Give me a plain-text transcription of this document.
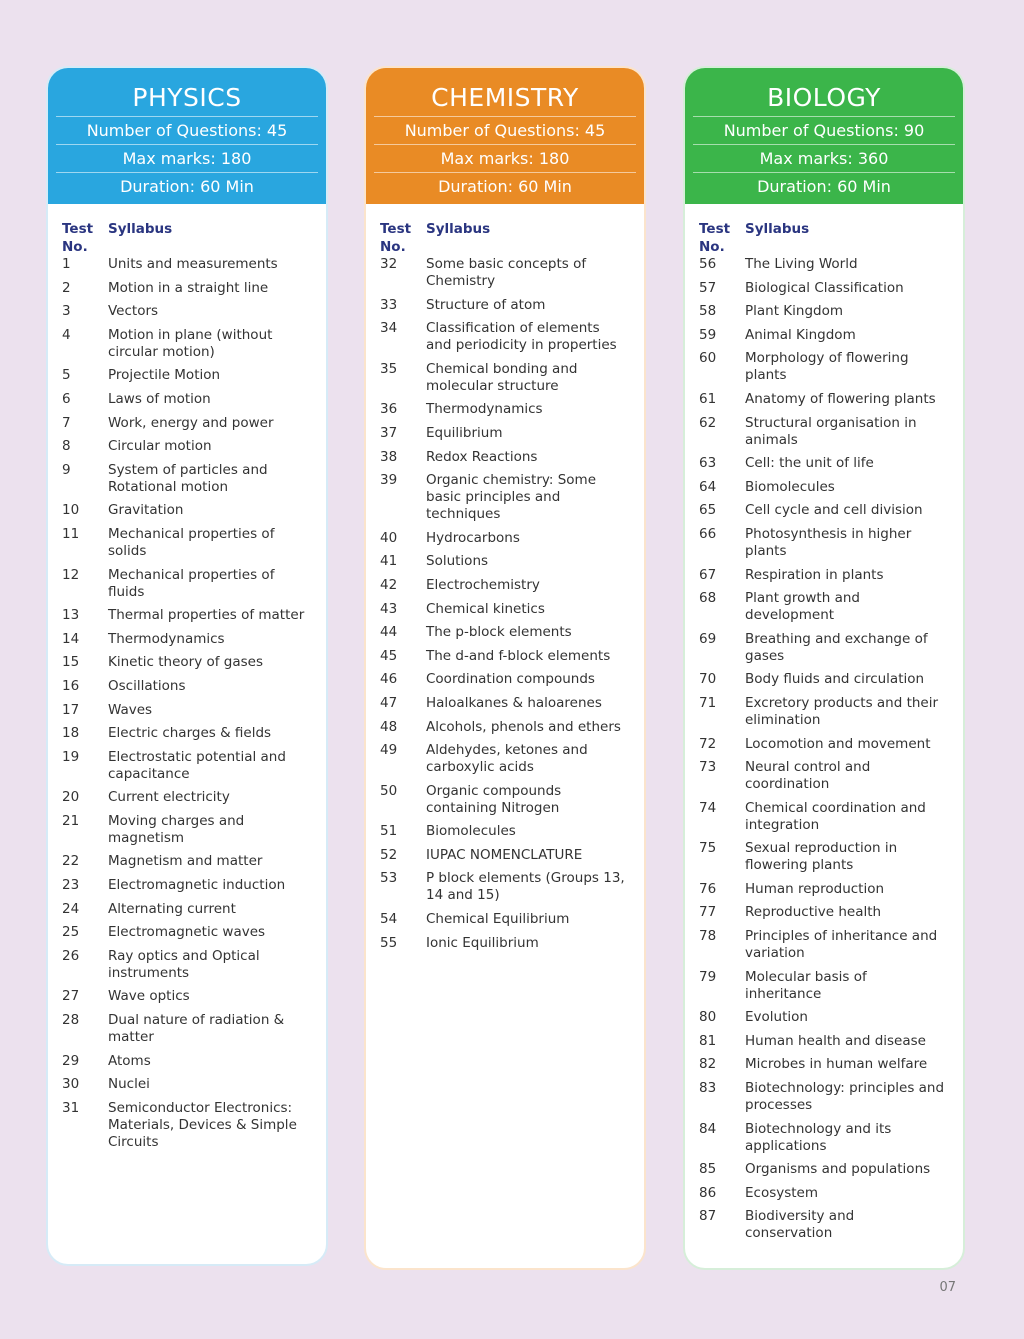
PHYSICS
Number of Questions: 45
Max marks: 180
Duration: 60 Min
Test No.
Syllabus
1	Units and measurements
2	Motion in a straight line
3	Vectors
4	Motion in plane (without circular motion)
5	Projectile Motion
6	Laws of motion
7	Work, energy and power
8	Circular motion
9	System of particles and Rotational motion
10	Gravitation
11	Mechanical properties of solids
12	Mechanical properties of fluids
13	Thermal properties of matter
14	Thermodynamics
15	Kinetic theory of gases
16	Oscillations
17	Waves
18	Electric charges & fields
19	Electrostatic potential and capacitance
20	Current electricity
21	Moving charges and magnetism
22	Magnetism and matter
23	Electromagnetic induction
24	Alternating current
25	Electromagnetic waves
26	Ray optics and Optical instruments
27	Wave optics
28	Dual nature of radiation & matter
29	Atoms
30	Nuclei
31	Semiconductor Electronics: Materials, Devices & Simple Circuits
CHEMISTRY
Number of Questions: 45
Max marks: 180
Duration: 60 Min
Test No.
Syllabus
32	Some basic concepts of Chemistry
33	Structure of atom
34	Classification of elements and periodicity in properties
35	Chemical bonding and molecular structure
36	Thermodynamics
37	Equilibrium
38	Redox Reactions
39	Organic chemistry: Some basic principles and techniques
40	Hydrocarbons
41	Solutions
42	Electrochemistry
43	Chemical kinetics
44	The p-block elements
45	The d-and f-block elements
46	Coordination compounds
47	Haloalkanes & haloarenes
48	Alcohols, phenols and ethers
49	Aldehydes, ketones and carboxylic acids
50	Organic compounds containing Nitrogen
51	Biomolecules
52	IUPAC NOMENCLATURE
53	P block elements (Groups 13, 14 and 15)
54	Chemical Equilibrium
55	Ionic Equilibrium
BIOLOGY
Number of Questions: 90
Max marks: 360
Duration: 60 Min
Test No.
Syllabus
56	The Living World
57	Biological Classification
58	Plant Kingdom
59	Animal Kingdom
60	Morphology of flowering plants
61	Anatomy of flowering plants
62	Structural organisation in animals
63	Cell: the unit of life
64	Biomolecules
65	Cell cycle and cell division
66	Photosynthesis in higher plants
67	Respiration in plants
68	Plant growth and development
69	Breathing and exchange of gases
70	Body fluids and circulation
71	Excretory products and their elimination
72	Locomotion and movement
73	Neural control and coordination
74	Chemical coordination and integration
75	Sexual reproduction in flowering plants
76	Human reproduction
77	Reproductive health
78	Principles of inheritance and variation
79	Molecular basis of inheritance
80	Evolution
81	Human health and disease
82	Microbes in human welfare
83	Biotechnology: principles and processes
84	Biotechnology and its applications
85	Organisms and populations
86	Ecosystem
87	Biodiversity and conservation
07
